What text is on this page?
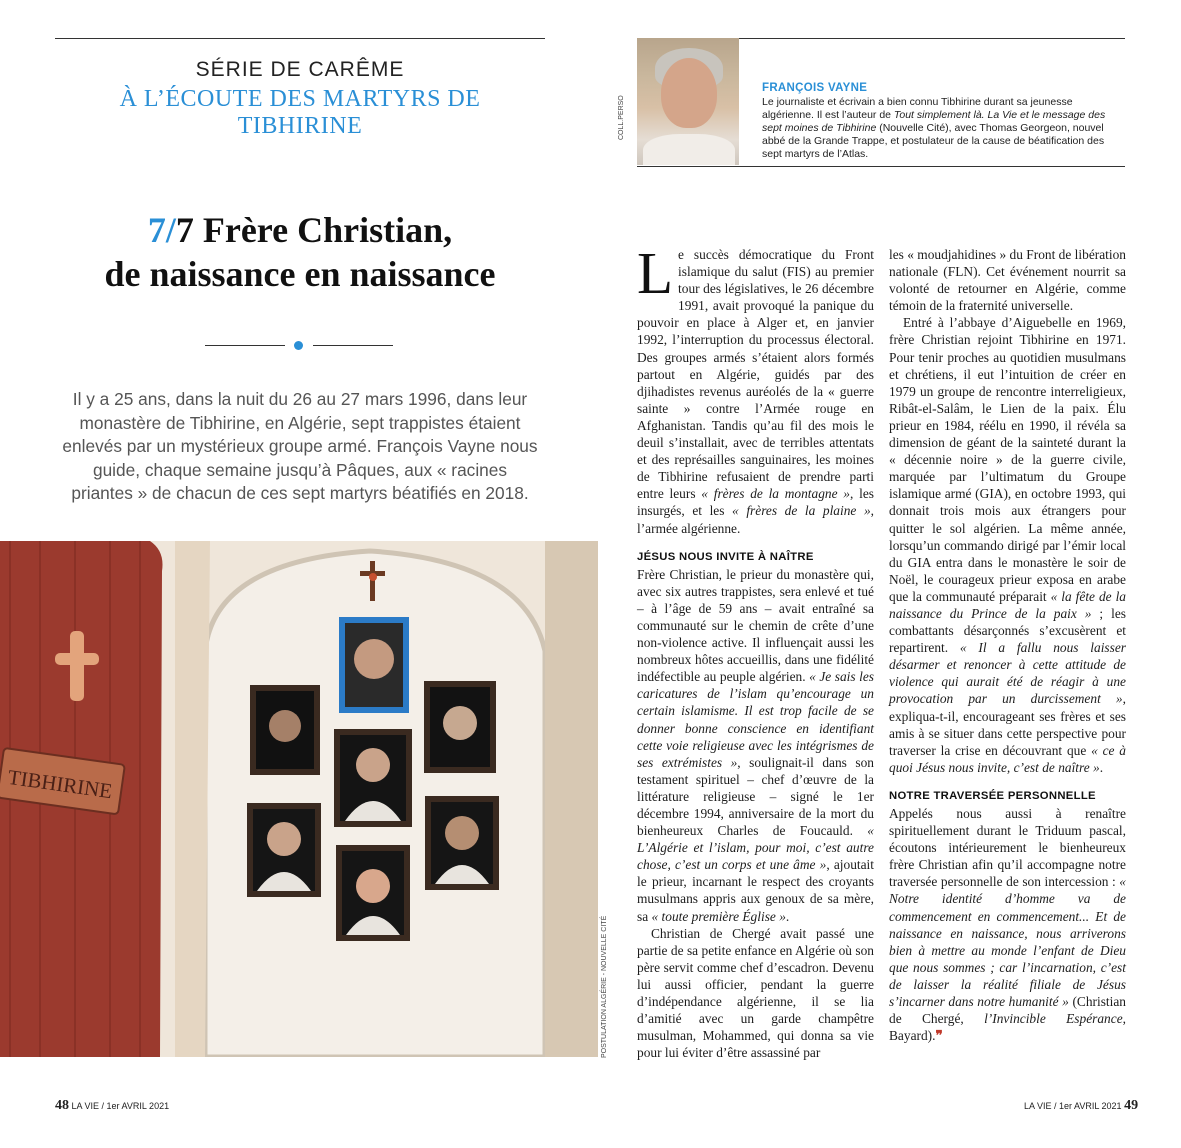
SÉRIE DE CARÊME
À L’ÉCOUTE DES MARTYRS DE TIBHIRINE	COLL.PERSO
FRANÇOIS VAYNE
Le journaliste et écrivain a bien connu Tibhirine durant sa jeunesse algérienne. Il est l’auteur de Tout simplement là. La Vie et le message des sept moines de Tibhirine (Nouvelle Cité), avec Thomas Georgeon, nouvel abbé de la Grande Trappe, et postulateur de la cause de béatification des sept martyrs de l’Atlas.
7/7 Frère Christian,
de naissance en naissance
Il y a 25 ans, dans la nuit du 26 au 27 mars 1996, dans leur monastère de Tibhirine, en Algérie, sept trappistes étaient enlevés par un mystérieux groupe armé. François Vayne nous guide, chaque semaine jusqu’à Pâques, aux « racines priantes » de chacun de ces sept martyrs béatifiés en 2018.
TIBHIRINE
POSTULATION ALGÉRIE - NOUVELLE CITÉ

Le succès démocratique du Front islamique du salut (FIS) au premier tour des législatives, le 26 décembre 1991, avait provoqué la panique du pouvoir en place à Alger et, en janvier 1992, l’interruption du processus électoral. Des groupes armés s’étaient alors formés partout en Algérie, guidés par des djihadistes revenus auréolés de la « guerre sainte » contre l’Armée rouge en Afghanistan. Tandis qu’au fil des mois le deuil s’installait, avec de terribles attentats et des représailles sanguinaires, les moines de Tibhirine refusaient de prendre parti entre leurs « frères de la montagne », les insurgés, et les « frères de la plaine », l’armée algérienne.

JÉSUS NOUS INVITE À NAÎTRE

Frère Christian, le prieur du monastère qui, avec six autres trappistes, sera enlevé et tué – à l’âge de 59 ans – avait entraîné sa communauté sur le chemin de crête d’une non-violence active. Il influençait aussi les nombreux hôtes accueillis, dans une fidélité indéfectible au peuple algérien. « Je sais les caricatures de l’islam qu’encourage un certain islamisme. Il est trop facile de se donner bonne conscience en identifiant cette voie religieuse avec les intégrismes de ses extrémistes », soulignait-il dans son testament spirituel – chef d’œuvre de la littérature religieuse – signé le 1er décembre 1994, anniversaire de la mort du bienheureux Charles de Foucauld. « L’Algérie et l’islam, pour moi, c’est autre chose, c’est un corps et une âme », ajoutait le prieur, incarnant le respect des croyants musulmans appris aux genoux de sa mère, sa « toute première Église ».

Christian de Chergé avait passé une partie de sa petite enfance en Algérie où son père servit comme chef d’escadron. Devenu lui aussi officier, pendant la guerre d’indépendance algérienne, il se lia d’amitié avec un garde champêtre musulman, Mohammed, qui donna sa vie pour lui éviter d’être assassiné par

les « moudjahidines » du Front de libération nationale (FLN). Cet événement nourrit sa volonté de retourner en Algérie, comme témoin de la fraternité universelle.

Entré à l’abbaye d’Aiguebelle en 1969, frère Christian rejoint Tibhirine en 1971. Pour tenir proches au quotidien musulmans et chrétiens, il eut l’intuition de créer en 1979 un groupe de rencontre interreligieux, Ribât-el-Salâm, le Lien de la paix. Élu prieur en 1984, réélu en 1990, il révéla sa dimension de géant de la sainteté durant la « décennie noire » de la guerre civile, marquée par l’ultimatum du Groupe islamique armé (GIA), en octobre 1993, qui donnait trois mois aux étrangers pour quitter le sol algérien. La même année, lorsqu’un commando dirigé par l’émir local du GIA entra dans le monastère le soir de Noël, le courageux prieur exposa en arabe que la communauté préparait « la fête de la naissance du Prince de la paix » ; les combattants désarçonnés s’excusèrent et repartirent. « Il a fallu nous laisser désarmer et renoncer à cette attitude de violence qui aurait été de réagir à une provocation par un durcissement », expliqua-t-il, encourageant ses frères et ses amis à se situer dans cette perspective pour traverser la crise en découvrant que « ce à quoi Jésus nous invite, c’est de naître ».

NOTRE TRAVERSÉE PERSONNELLE

Appelés nous aussi à renaître spirituellement durant le Triduum pascal, écoutons intérieurement le bienheureux frère Christian afin qu’il accompagne notre traversée personnelle de son intercession : « Notre identité d’homme va de commencement en commencement... Et de naissance en naissance, nous arriverons bien à mettre au monde l’enfant de Dieu que nous sommes ; car l’incarnation, c’est de laisser la réalité filiale de Jésus s’incarner dans notre humanité » (Christian de Chergé, l’Invincible Espérance, Bayard).❞

48 LA VIE / 1er AVRIL 2021	LA VIE / 1er AVRIL 2021 49
